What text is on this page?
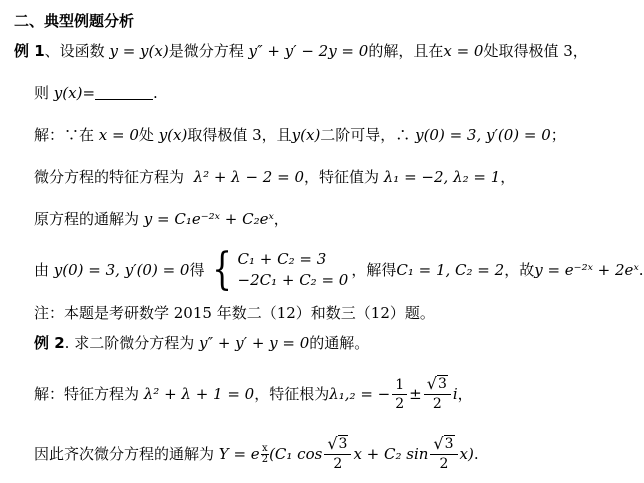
二、典型例题分析
例 1、设函数 y = y(x)是微分方程 y″ + y′ − 2y = 0的解，且在x = 0处取得极值 3，
则 y(x)=	.
解：∵在 x = 0处 y(x)取得极值 3，且y(x)二阶可导，∴ y(0) = 3, y′(0) = 0；
微分方程的特征方程为 λ² + λ − 2 = 0，特征值为 λ₁ = −2, λ₂ = 1，
原方程的通解为 y = C₁e⁻²ˣ + C₂eˣ，
由
y(0) = 3, y′(0) = 0 得 { C₁ + C₂ = 3
−2C₁ + C₂ = 0
，解得 C₁ = 1, C₂ = 2 ，故 y = e⁻²ˣ + 2eˣ .
注：本题是考研数学 2015 年数二（12）和数三（12）题。
例 2. 求二阶微分方程为 y″ + y′ + y = 0的通解。
解：特征方程为
λ² + λ + 1 = 0 ，特征根为 λ₁,₂ = − $\frac{1}{2} \pm \frac{√ 3}{2}$ i ，
因此齐次微分方程的通解为
Y = e $\frac{x}{2} (C_1$ $\cos \frac{√ 3}{2}$ x + C₂ $\sin \frac{√ 3}{2} x$) .
